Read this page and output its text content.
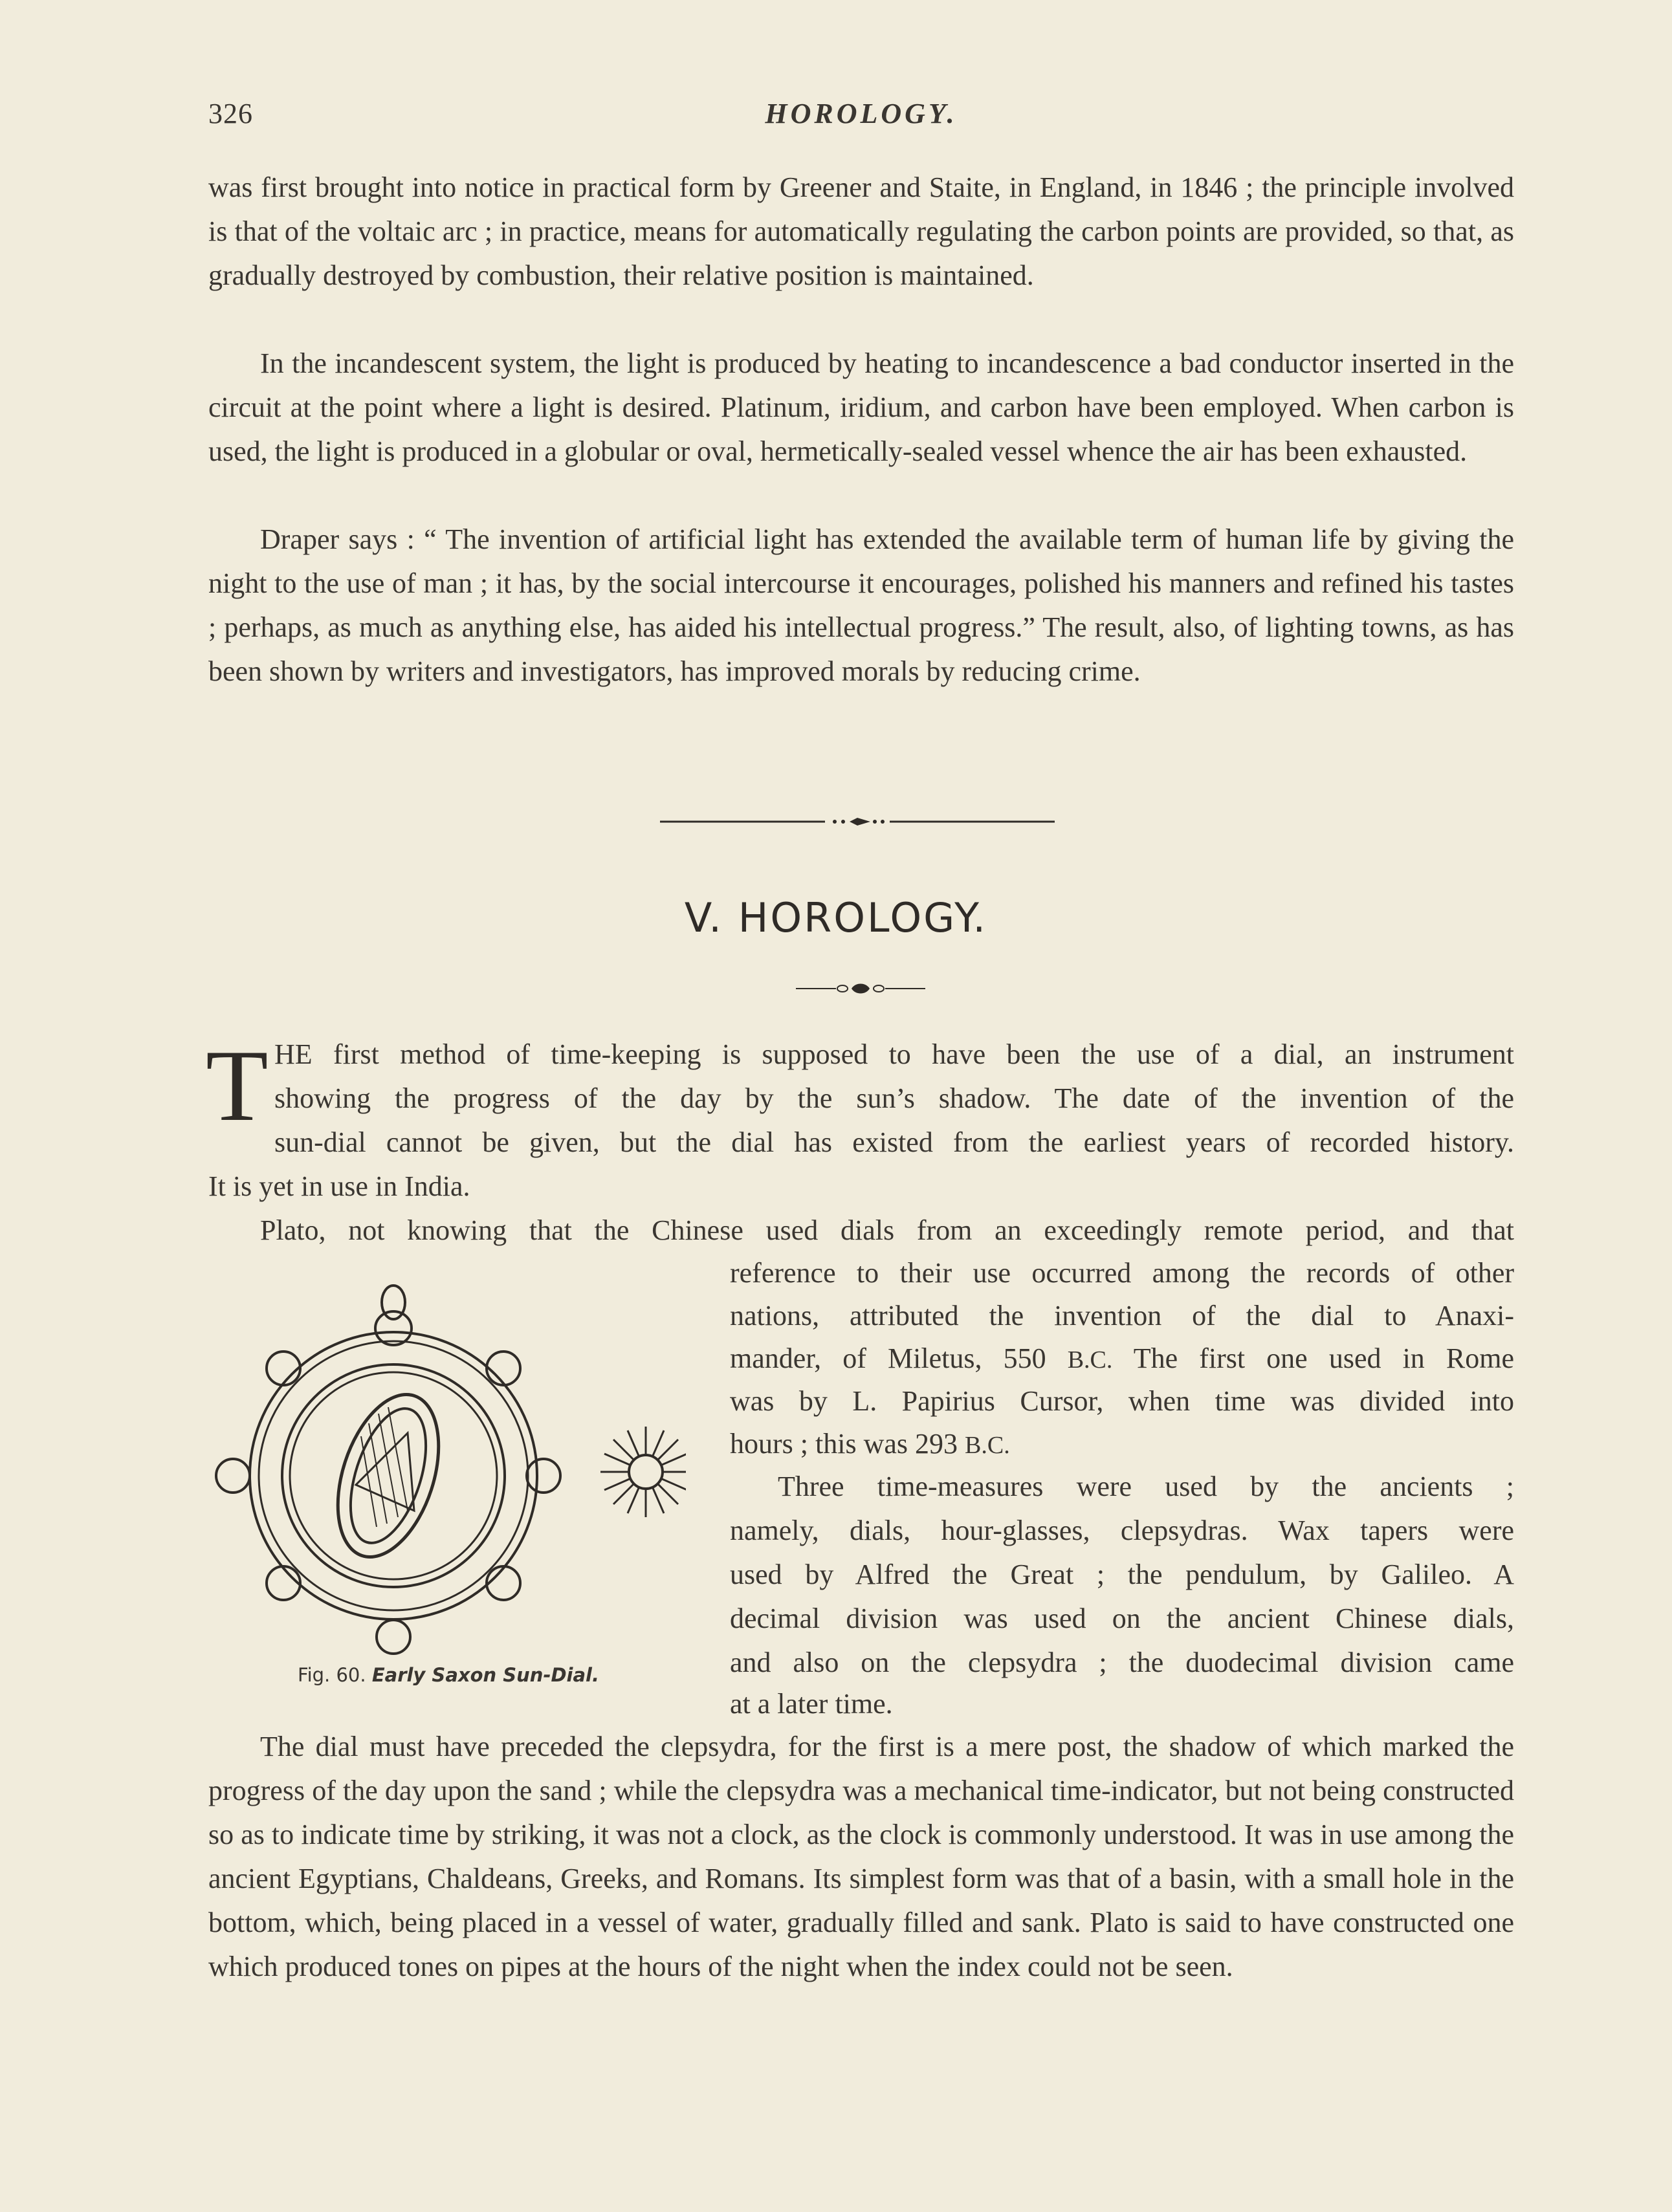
326	HOROLOGY.

was first brought into notice in practical form by Greener and Staite, in England, in 1846 ; the principle involved is that of the voltaic arc ; in practice, means for automatically regulating the carbon points are provided, so that, as gradually destroyed by combustion, their relative position is maintained.

In the incandescent system, the light is produced by heating to incandescence a bad conductor inserted in the circuit at the point where a light is desired. Platinum, iridium, and carbon have been employed. When carbon is used, the light is produced in a globular or oval, hermetically-sealed vessel whence the air has been exhausted.

Draper says : “ The invention of artificial light has extended the available term of human life by giving the night to the use of man ; it has, by the social intercourse it encourages, polished his manners and refined his tastes ; perhaps, as much as anything else, has aided his intellectual progress.” The result, also, of lighting towns, as has been shown by writers and investigators, has improved morals by reducing crime.

V. HOROLOGY.
T HE first method of time-keeping is supposed to have been the use of a dial, an instrument
showing the progress of the day by the sun’s shadow. The date of the invention of the
sun-dial cannot be given, but the dial has existed from the earliest years of recorded history.
It is yet in use in India.
Plato, not knowing that the Chinese used dials from an exceedingly remote period, and that
reference to their use occurred among the records of other
nations, attributed the invention of the dial to Anaxi-
mander, of Miletus, 550 B.C. The first one used in Rome
was by L. Papirius Cursor, when time was divided into
hours ; this was 293 B.C.
Three time-measures were used by the ancients ;
namely, dials, hour-glasses, clepsydras. Wax tapers were
used by Alfred the Great ; the pendulum, by Galileo. A
decimal division was used on the ancient Chinese dials,
and also on the clepsydra ; the duodecimal division came
at a later time.
Fig. 60. Early Saxon Sun-Dial.

The dial must have preceded the clepsydra, for the first is a mere post, the shadow of which marked the progress of the day upon the sand ; while the clepsydra was a mechanical time-indicator, but not being constructed so as to indicate time by striking, it was not a clock, as the clock is commonly understood. It was in use among the ancient Egyptians, Chaldeans, Greeks, and Romans. Its simplest form was that of a basin, with a small hole in the bottom, which, being placed in a vessel of water, gradually filled and sank. Plato is said to have constructed one which produced tones on pipes at the hours of the night when the index could not be seen.
